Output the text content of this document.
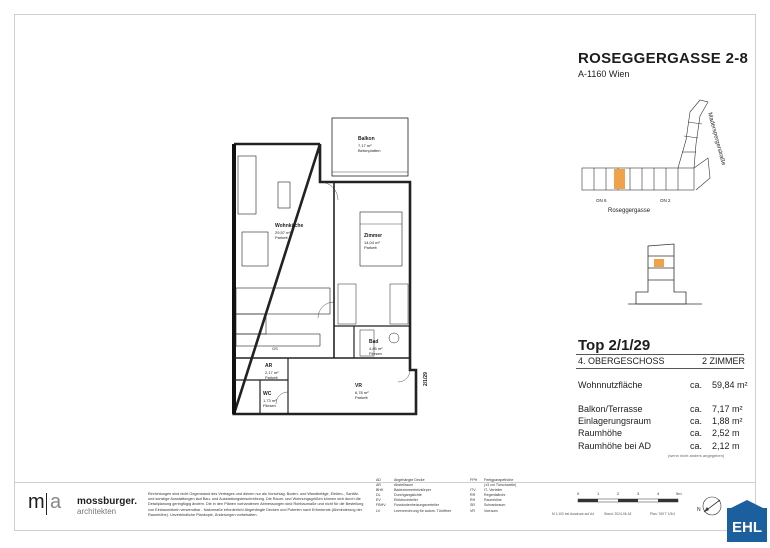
ROSEGGERGASSE 2-8
A-1160 Wien
Maderspergerstraße
Roseggergasse
ON 6	ON 2
Top 2/1/29
4. OBERGESCHOSS	2 ZIMMER
Wohnnutzfläche	ca. 59,84 m²
Balkon/Terrasse	ca. 7,17 m²
Einlagerungsraum	ca. 1,88 m²
Raumhöhe	ca. 2,52 m
Raumhöhe bei AD	ca. 2,12 m
(wenn nicht anders angegeben)
Balkon
7,17 m²
Betonplatten
Wohnküche
29,57 m²
Parkett	Zimmer
14,04 m²
Parkett
Bad
4,85 m²
Fliesen
AR
2,17 m²
Parkett
VR
6,78 m²
Parkett
WC
1,73 m²
Fliesen
GS
2/1/29
m a mossburger.
architekten
Einrichtungen sind nicht Gegenstand des Vertrages und dienen nur als Vorschlag. Boden- und Wandbeläge, Elektro-, Sanitär- und sonstige Ausstattungen laut Bau- und Ausstattungsbeschreibung. Die Raum- und Wohnungsgrößen können sich durch die Detailplanung geringfügig ändern. Die in den Plänen vorhandenen Abmessungen sind Rohbaumaße und nicht für die Bestellung von Einbaumöbeln verwendbar - Naturmaße erforderlich! Abgehängte Decken und Poterien nach Erfordernis (Abminderung der Raumhöhe). Unverbindliche Plankopie, Änderungen vorbehalten.
AD	Abgehängte Decke
AR	Abstellraum
BHK	Badezimmerheizkörper
DL	Durchgangslichte
EV	Elektroverteiler
FBHV Fussbodenheizungsverteiler
LV	Leerverrohrung für autom. Türöffner
FPH Fertigparapethöhe
(±3 cm Türschwelle)
ITV IT- Verteiler
RR Regenfallrohr
RH Raumhöhe
SR	Schrankraum
VR	Vorraum
0	1	2	3	4	5m
M 1:100 bei Ausdruck auf A4	Stand: 2024-06-18	Plan: 769 T 1/3/4
N
EHL
